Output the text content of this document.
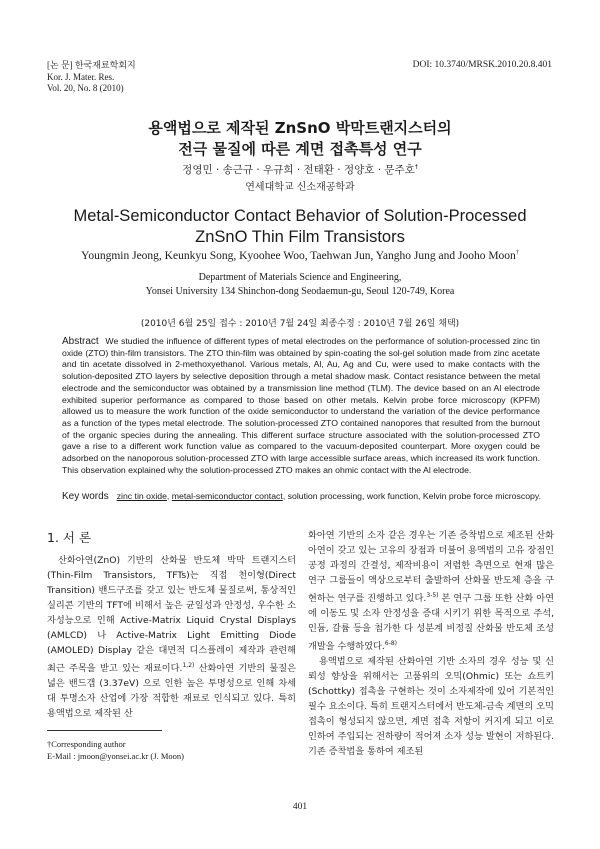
[논 문] 한국재료학회지
Kor. J. Mater. Res.
Vol. 20, No. 8 (2010)
DOI: 10.3740/MRSK.2010.20.8.401
용액법으로 제작된 ZnSnO 박막트랜지스터의
전극 물질에 따른 계면 접촉특성 연구
정영민 · 송근규 · 우규희 · 전태환 · 정양호 · 문주호†
연세대학교 신소재공학과
Metal-Semiconductor Contact Behavior of Solution-Processed
ZnSnO Thin Film Transistors
Youngmin Jeong, Keunkyu Song, Kyoohee Woo, Taehwan Jun, Yangho Jung and Jooho Moon†
Department of Materials Science and Engineering,
Yonsei University 134 Shinchon-dong Seodaemun-gu, Seoul 120-749, Korea
(2010년 6월 25일 접수 : 2010년 7월 24일 최종수정 : 2010년 7월 26일 채택)
Abstract We studied the influence of different types of metal electrodes on the performance of solution-processed zinc tin oxide (ZTO) thin-film transistors. The ZTO thin-film was obtained by spin-coating the sol-gel solution made from zinc acetate and tin acetate dissolved in 2-methoxyethanol. Various metals, Al, Au, Ag and Cu, were used to make contacts with the solution-deposited ZTO layers by selective deposition through a metal shadow mask. Contact resistance between the metal electrode and the semiconductor was obtained by a transmission line method (TLM). The device based on an Al electrode exhibited superior performance as compared to those based on other metals. Kelvin probe force microscopy (KPFM) allowed us to measure the work function of the oxide semiconductor to understand the variation of the device performance as a function of the types metal electrode. The solution-processed ZTO contained nanopores that resulted from the burnout of the organic species during the annealing. This different surface structure associated with the solution-processed ZTO gave a rise to a different work function value as compared to the vacuum-deposited counterpart. More oxygen could be adsorbed on the nanoporous solution-processed ZTO with large accessible surface areas, which increased its work function. This observation explained why the solution-processed ZTO makes an ohmic contact with the Al electrode.
Key words zinc tin oxide, metal-semiconductor contact, solution processing, work function, Kelvin probe force microscopy.
1. 서 론

산화아연(ZnO) 기반의 산화물 반도체 박막 트랜지스터(Thin-Film Transistors, TFTs)는 직접 천이형(Direct Transition) 밴드구조를 갖고 있는 반도체 물질로써, 통상적인 실리콘 기반의 TFT에 비해서 높은 균일성과 안정성, 우수한 소자성능으로 인해 Active-Matrix Liquid Crystal Displays (AMLCD) 나 Active-Matrix Light Emitting Diode (AMOLED) Display 같은 대면적 디스플레이 제작과 관련해 최근 주목을 받고 있는 재료이다.$^{1,2)}$ 산화아연 기반의 물질은 넓은 밴드갭 (3.37eV) 으로 인한 높은 투명성으로 인해 차세대 투명소자 산업에 가장 적합한 재료로 인식되고 있다. 특히 용액법으로 제작된 산

화아연 기반의 소자 같은 경우는 기존 증착법으로 제조된 산화아연이 갖고 있는 고유의 장점과 더불어 용액법의 고유 장점인 공정 과정의 간결성, 제작비용이 저렴한 측면으로 현재 많은 연구 그룹들이 액상으로부터 출발하여 산화물 반도체 층을 구현하는 연구를 진행하고 있다.$^{3-5)}$ 본 연구 그룹 또한 산화 아연에 이동도 및 소자 안정성을 증대 시키기 위한 목적으로 주석, 인듐, 갈륨 등을 첨가한 다 성분계 비정질 산화물 반도체 조성 개발을 수행하였다.$^{6-8)}$

용액법으로 제작된 산화아연 기반 소자의 경우 성능 및 신뢰성 향상을 위해서는 고품위의 오믹(Ohmic) 또는 쇼트키(Schottky) 접촉을 구현하는 것이 소자제작에 있어 기본적인 필수 요소이다. 특히 트랜지스터에서 반도체-금속 계면의 오믹 접촉이 형성되지 않으면, 계면 접촉 저항이 커지게 되고 이로 인하여 주입되는 전하량이 적어져 소자 성능 발현이 저하된다. 기존 증착법을 통하여 제조된

†Corresponding author
E-Mail : jmoon@yonsei.ac.kr (J. Moon)
401
